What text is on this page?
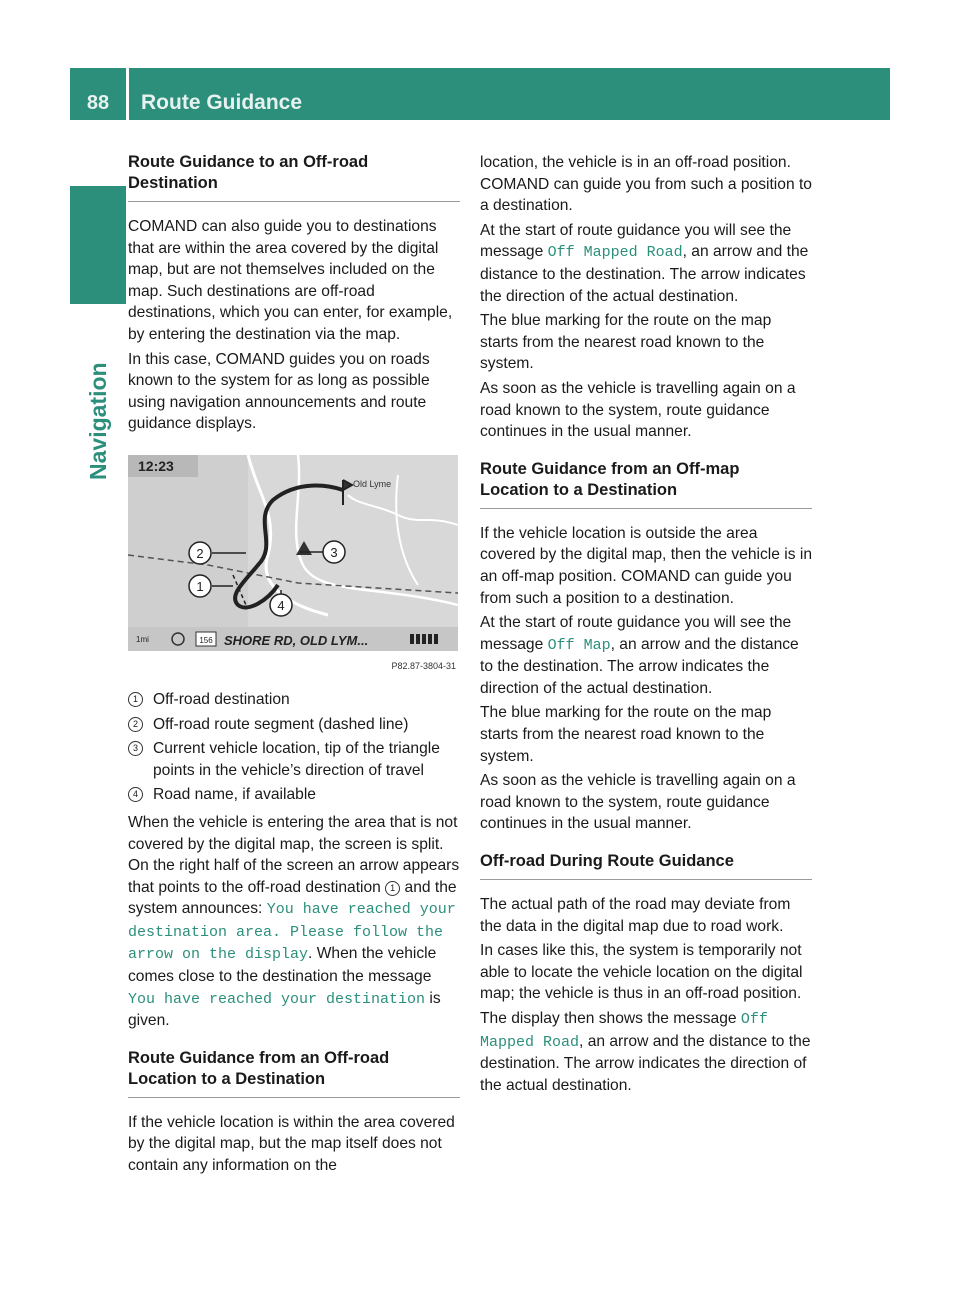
88	Route Guidance
Navigation
Route Guidance to an Off-road Destination

COMAND can also guide you to destinations that are within the area covered by the digital map, but are not themselves included on the map. Such destinations are off-road destinations, which you can enter, for example, by entering the destination via the map.

In this case, COMAND guides you on roads known to the system for as long as possible using navigation announcements and route guidance displays.

12:23
Old Lyme
2
1
3
4
1mi	156 SHORE RD, OLD LYM...
P82.87-3804-31
1 Off-road destination
2 Off-road route segment (dashed line)
3 Current vehicle location, tip of the triangle points in the vehicle’s direction of travel
4 Road name, if available

When the vehicle is entering the area that is not covered by the digital map, the screen is split. On the right half of the screen an arrow appears that points to the off-road destination 1 and the system announces: You have reached your destination area. Please follow the arrow on the display. When the vehicle comes close to the destination the message You have reached your destination is given.

Route Guidance from an Off-road Location to a Destination

If the vehicle location is within the area covered by the digital map, but the map itself does not contain any information on the

location, the vehicle is in an off-road position. COMAND can guide you from such a position to a destination.

At the start of route guidance you will see the message Off Mapped Road, an arrow and the distance to the destination. The arrow indicates the direction of the actual destination.

The blue marking for the route on the map starts from the nearest road known to the system.

As soon as the vehicle is travelling again on a road known to the system, route guidance continues in the usual manner.

Route Guidance from an Off-map Location to a Destination

If the vehicle location is outside the area covered by the digital map, then the vehicle is in an off-map position. COMAND can guide you from such a position to a destination.

At the start of route guidance you will see the message Off Map, an arrow and the distance to the destination. The arrow indicates the direction of the actual destination.

The blue marking for the route on the map starts from the nearest road known to the system.

As soon as the vehicle is travelling again on a road known to the system, route guidance continues in the usual manner.

Off-road During Route Guidance

The actual path of the road may deviate from the data in the digital map due to road work.

In cases like this, the system is temporarily not able to locate the vehicle location on the digital map; the vehicle is thus in an off-road position.

The display then shows the message Off Mapped Road, an arrow and the distance to the destination. The arrow indicates the direction of the actual destination.
